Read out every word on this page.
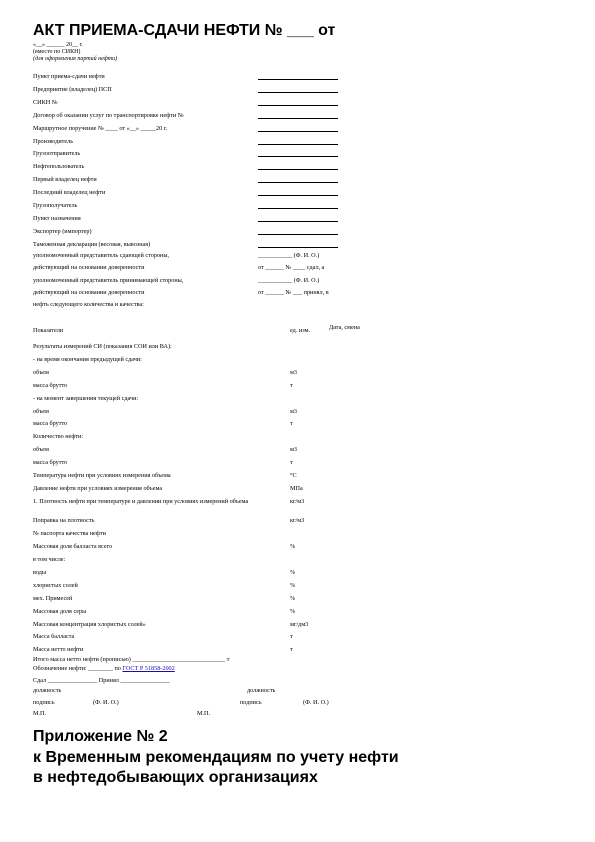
АКТ ПРИЕМА-СДАЧИ НЕФТИ № ___ от
«__» ______ 20__ г.
(вместо по СИКН)
(для оформления партий нефти)
Пункт приема-сдачи нефти
Предприятие (владелец) ПСП
СИКН №
Договор об оказании услуг по транспортировке нефти №
Маршрутное поручение № ____ от «__» _____20 г.
Производитель
Грузоотправитель
Нефтепользователь
Первый владелец нефти
Последний владелец нефти
Грузополучатель
Пункт назначения
Экспортер (импортер)
Таможенная декларация (весовая, вывозная)
уполномоченный представитель сдающей стороны,	___________ (Ф. И. О.)
действующий на основании доверенности	от ______ № ____ сдал, а
уполномоченный представитель принимающей стороны,	___________ (Ф. И. О.)
действующий на основании доверенности	от ______ № ___ принял, в
нефть следующего количества и качества:
Показатели	ед. изм.	Дата, смена
Результаты измерений СИ (показания СОИ или ВА):
- на время окончания предыдущей сдачи:
объем	м3
масса брутто	т
- на момент завершения текущей сдачи:
объем	м3
масса брутто	т
Количество нефти:
объем	м3
масса брутто	т
Температура нефти при условиях измерения объема	°С
Давление нефти при условиях измерения объема	МПа
1. Плотность нефти при температуре и давлении при условиях измерений объема	кг/м3
Поправка на плотность	кг/м3
№ паспорта качества нефти
Массовая доля балласта всего	%
в том числе:
воды	%
хлористых солей	%
мех. Примесей	%
Массовая доля серы	%
Массовая концентрация хлористых солей»	мг/дм3
Масса балласта	т
Масса нетто нефти	т
Итого масса нетто нефти (прописью) ______________________________ т
Обозначение нефти: ________ по ГОСТ Р 51858-2002
Сдал ________________ Принял ________________
должность	должность
подпись	(Ф. И. О.)	подпись	(Ф. И. О.)
М.П.	М.П.
Приложение № 2
к Временным рекомендациям по учету нефти
в нефтедобывающих организациях
